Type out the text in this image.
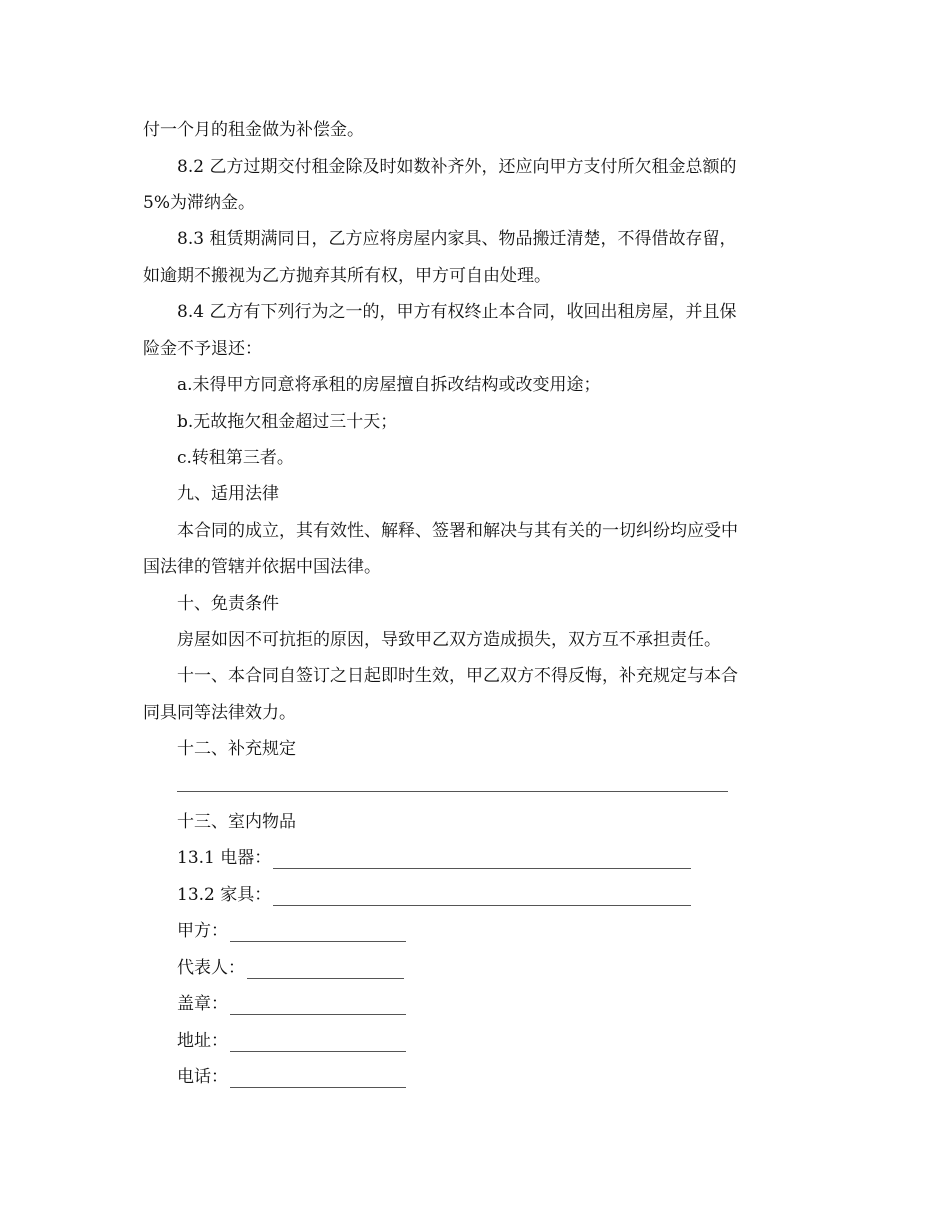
付一个月的租金做为补偿金。
8.2 乙方过期交付租金除及时如数补齐外，还应向甲方支付所欠租金总额的
5%为滞纳金。
8.3 租赁期满同日，乙方应将房屋内家具、物品搬迁清楚，不得借故存留，
如逾期不搬视为乙方抛弃其所有权，甲方可自由处理。
8.4 乙方有下列行为之一的，甲方有权终止本合同，收回出租房屋，并且保
险金不予退还：
a.未得甲方同意将承租的房屋擅自拆改结构或改变用途；
b.无故拖欠租金超过三十天；
c.转租第三者。
九、适用法律
本合同的成立，其有效性、解释、签署和解决与其有关的一切纠纷均应受中
国法律的管辖并依据中国法律。
十、免责条件
房屋如因不可抗拒的原因，导致甲乙双方造成损失，双方互不承担责任。
十一、本合同自签订之日起即时生效，甲乙双方不得反悔，补充规定与本合
同具同等法律效力。
十二、补充规定
十三、室内物品
13.1 电器：
13.2 家具：
甲方：
代表人：
盖章：
地址：
电话：
